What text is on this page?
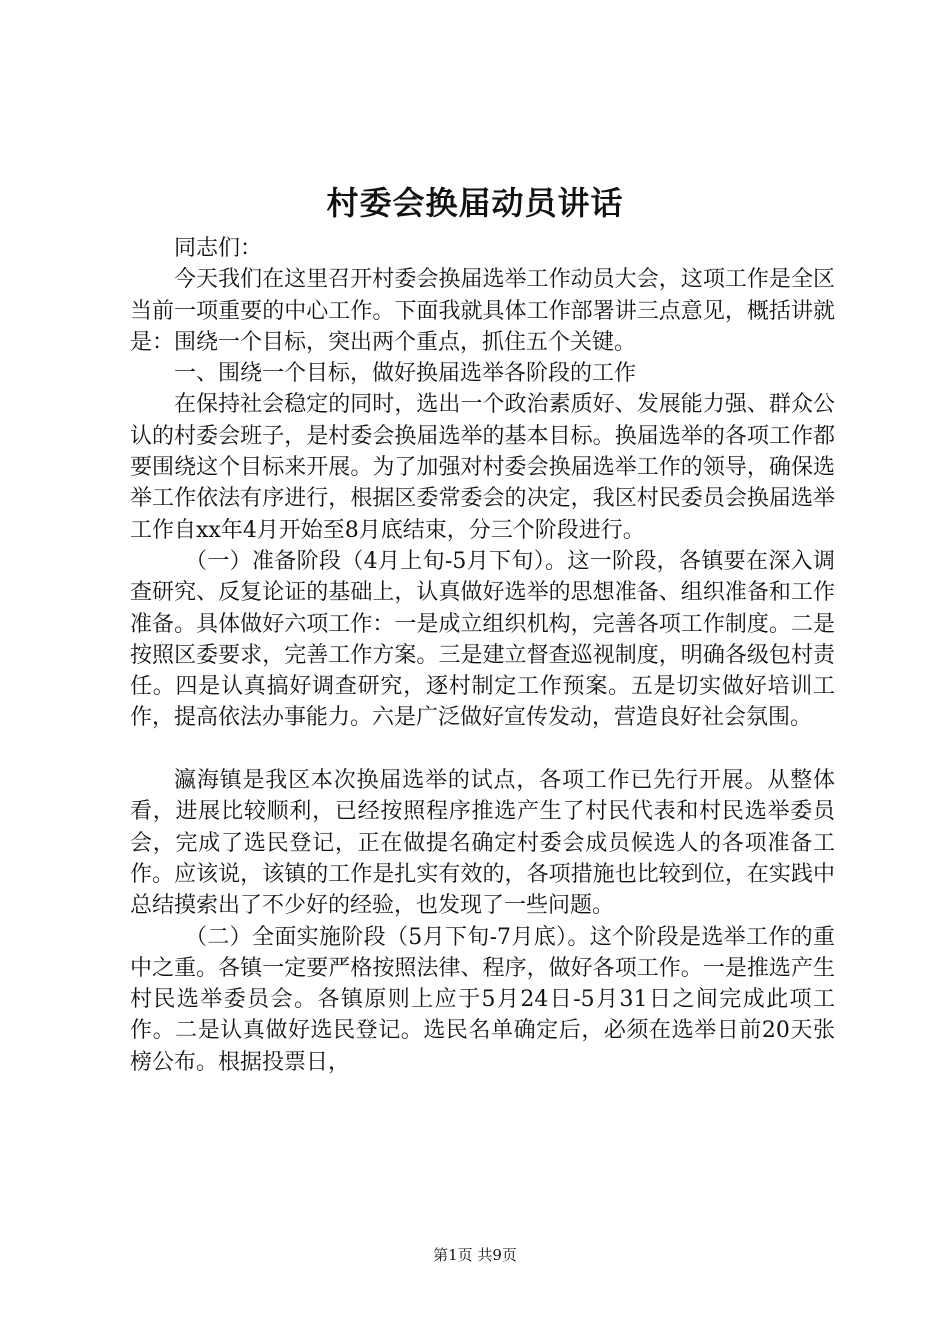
村委会换届动员讲话

同志们：

今天我们在这里召开村委会换届选举工作动员大会，这项工作是全区当前一项重要的中心工作。下面我就具体工作部署讲三点意见，概括讲就是：围绕一个目标，突出两个重点，抓住五个关键。

一、围绕一个目标，做好换届选举各阶段的工作

在保持社会稳定的同时，选出一个政治素质好、发展能力强、群众公认的村委会班子，是村委会换届选举的基本目标。换届选举的各项工作都要围绕这个目标来开展。为了加强对村委会换届选举工作的领导，确保选举工作依法有序进行，根据区委常委会的决定，我区村民委员会换届选举工作自xx年4月开始至8月底结束，分三个阶段进行。

（一）准备阶段（4月上旬-5月下旬）。这一阶段，各镇要在深入调查研究、反复论证的基础上，认真做好选举的思想准备、组织准备和工作准备。具体做好六项工作：一是成立组织机构，完善各项工作制度。二是按照区委要求，完善工作方案。三是建立督查巡视制度，明确各级包村责任。四是认真搞好调查研究，逐村制定工作预案。五是切实做好培训工作，提高依法办事能力。六是广泛做好宣传发动，营造良好社会氛围。

瀛海镇是我区本次换届选举的试点，各项工作已先行开展。从整体看，进展比较顺利，已经按照程序推选产生了村民代表和村民选举委员会，完成了选民登记，正在做提名确定村委会成员候选人的各项准备工作。应该说，该镇的工作是扎实有效的，各项措施也比较到位，在实践中总结摸索出了不少好的经验，也发现了一些问题。

（二）全面实施阶段（5月下旬-7月底）。这个阶段是选举工作的重中之重。各镇一定要严格按照法律、程序，做好各项工作。一是推选产生村民选举委员会。各镇原则上应于5月24日-5月31日之间完成此项工作。二是认真做好选民登记。选民名单确定后，必须在选举日前20天张榜公布。根据投票日，

第1页 共9页
